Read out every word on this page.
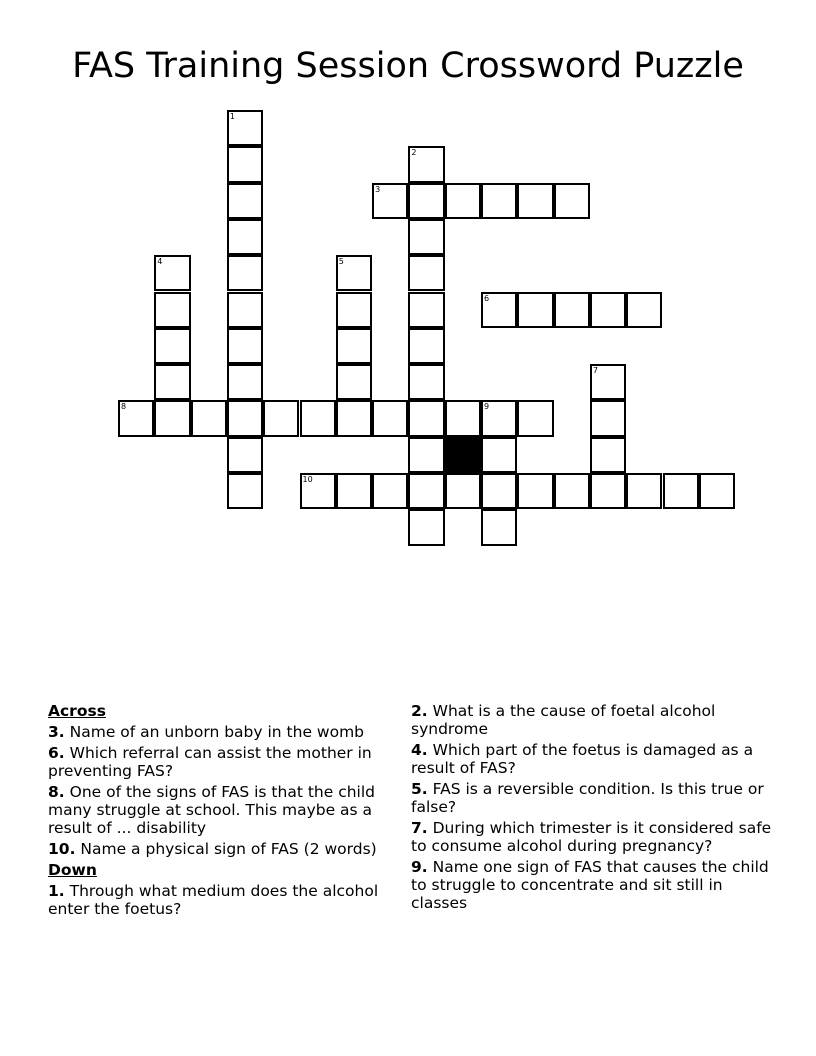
FAS Training Session Crossword Puzzle
1
2
3
4	5
6
7
8	9
10
Across
3. Name of an unborn baby in the womb
6. Which referral can assist the mother in preventing FAS?
8. One of the signs of FAS is that the child many struggle at school. This maybe as a result of ... disability
10. Name a physical sign of FAS (2 words)
Down
1. Through what medium does the alcohol enter the foetus?
2. What is a the cause of foetal alcohol syndrome
4. Which part of the foetus is damaged as a result of FAS?
5. FAS is a reversible condition. Is this true or false?
7. During which trimester is it considered safe to consume alcohol during pregnancy?
9. Name one sign of FAS that causes the child to struggle to concentrate and sit still in classes
